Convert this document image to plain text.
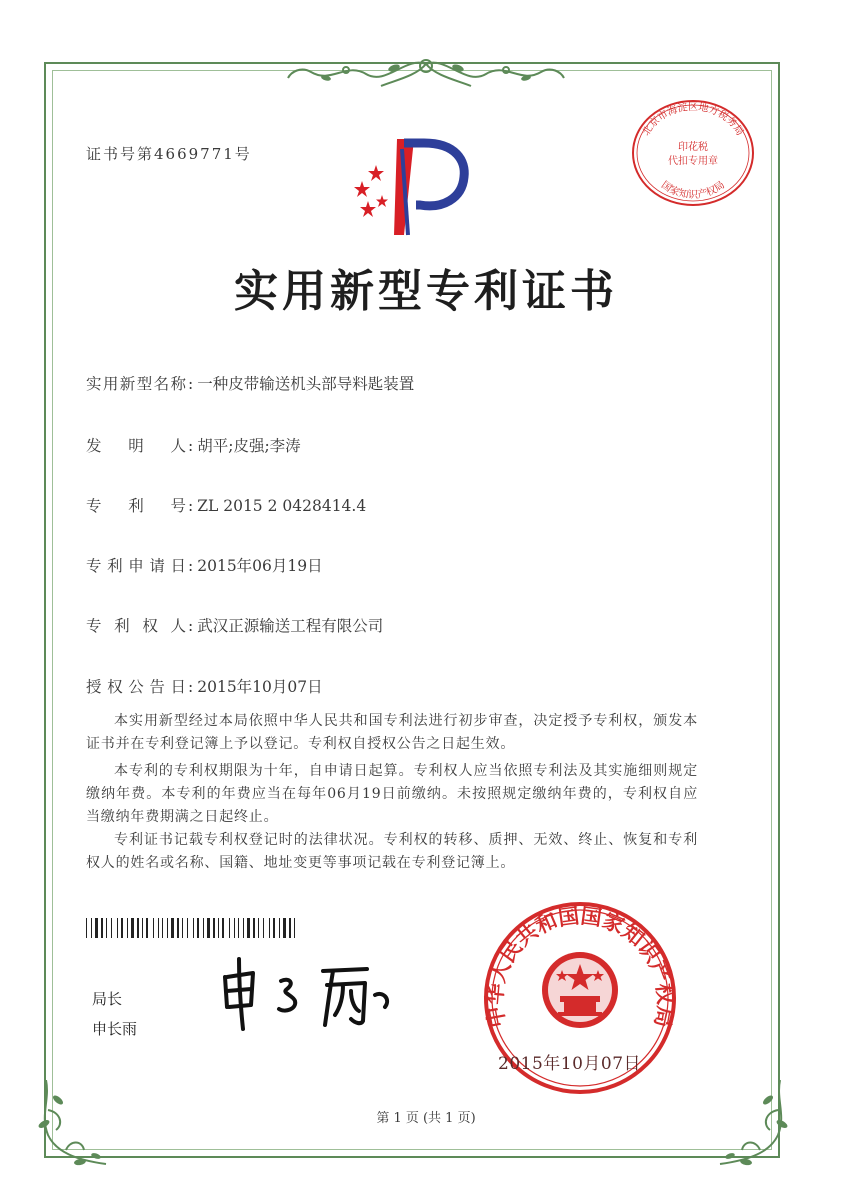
证书号第4669771号
北京市海淀区地方税务局
印花税
代扣专用章
国家知识产权局
实用新型专利证书
实用新型名称 : 一种皮带输送机头部导料匙装置
发明人 : 胡平;皮强;李涛
专利号 : ZL 2015 2 0428414.4
专利申请日 : 2015年06月19日
专利权人 : 武汉正源输送工程有限公司
授权公告日 : 2015年10月07日
本实用新型经过本局依照中华人民共和国专利法进行初步审查，决定授予专利权，颁发本证书并在专利登记簿上予以登记。专利权自授权公告之日起生效。
本专利的专利权期限为十年，自申请日起算。专利权人应当依照专利法及其实施细则规定缴纳年费。本专利的年费应当在每年06月19日前缴纳。未按照规定缴纳年费的，专利权自应当缴纳年费期满之日起终止。
专利证书记载专利权登记时的法律状况。专利权的转移、质押、无效、终止、恢复和专利权人的姓名或名称、国籍、地址变更等事项记载在专利登记簿上。
局长
申长雨	中华人民共和国国家知识产权局
2015年10月07日
第 1 页 (共 1 页)
